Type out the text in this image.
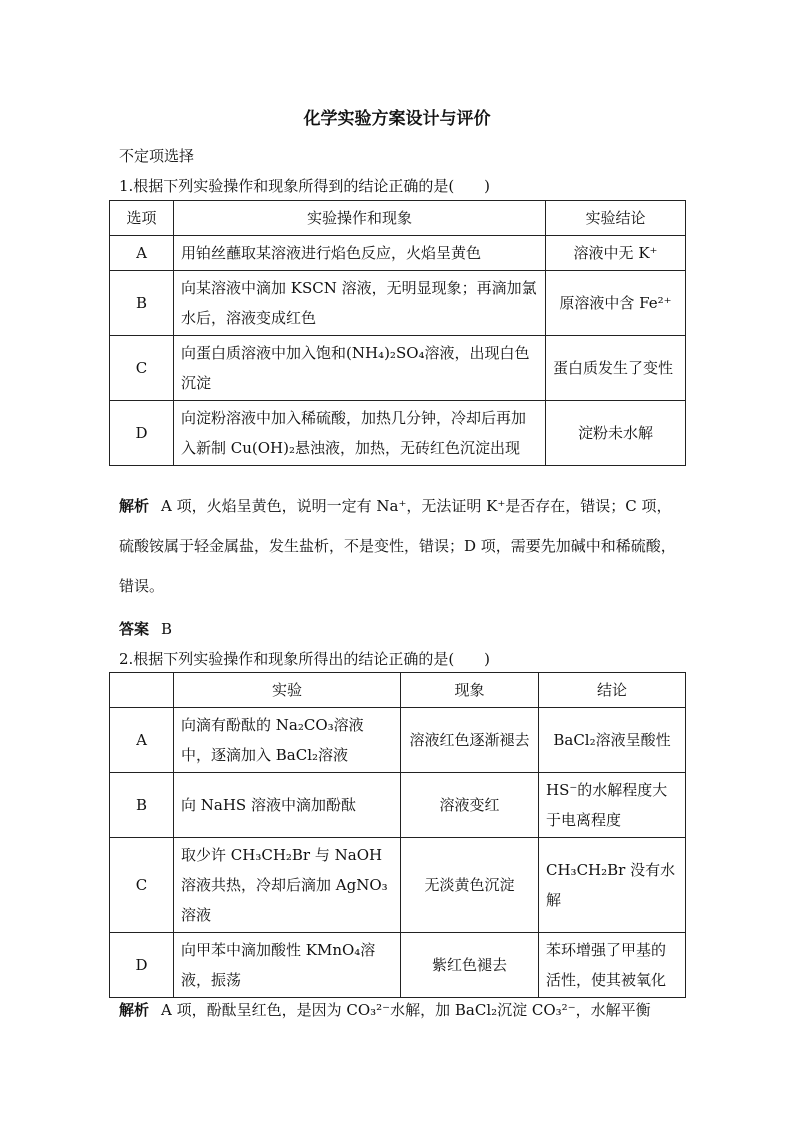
化学实验方案设计与评价
不定项选择
1.根据下列实验操作和现象所得到的结论正确的是(　　)
选项	实验操作和现象	实验结论
A	用铂丝蘸取某溶液进行焰色反应，火焰呈黄色	溶液中无 K⁺
B	向某溶液中滴加 KSCN 溶液，无明显现象；再滴加氯水后，溶液变成红色	原溶液中含 Fe²⁺
C	向蛋白质溶液中加入饱和(NH₄)₂SO₄溶液，出现白色沉淀	蛋白质发生了变性
D	向淀粉溶液中加入稀硫酸，加热几分钟，冷却后再加入新制 Cu(OH)₂悬浊液，加热，无砖红色沉淀出现	淀粉未水解
解析 A 项，火焰呈黄色，说明一定有 Na⁺，无法证明 K⁺是否存在，错误；C 项，硫酸铵属于轻金属盐，发生盐析，不是变性，错误；D 项，需要先加碱中和稀硫酸，错误。
答案 B
2.根据下列实验操作和现象所得出的结论正确的是(　　)
	实验	现象	结论
A	向滴有酚酞的 Na₂CO₃溶液中，逐滴加入 BaCl₂溶液	溶液红色逐渐褪去	BaCl₂溶液呈酸性
B	向 NaHS 溶液中滴加酚酞	溶液变红	HS⁻的水解程度大于电离程度
C	取少许 CH₃CH₂Br 与 NaOH 溶液共热，冷却后滴加 AgNO₃溶液	无淡黄色沉淀	CH₃CH₂Br 没有水解
D	向甲苯中滴加酸性 KMnO₄溶液，振荡	紫红色褪去	苯环增强了甲基的活性，使其被氧化
解析 A 项，酚酞呈红色，是因为 CO₃²⁻水解，加 BaCl₂沉淀 CO₃²⁻，水解平衡
